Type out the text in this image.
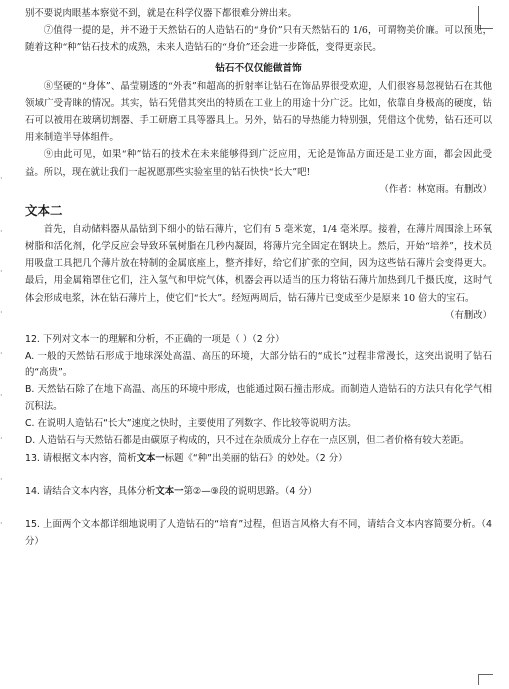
·
·
·
·
·
·
·
·
·

别不要说肉眼基本察觉不到，就是在科学仪器下都很难分辨出来。

⑦值得一提的是，并不逊于天然钻石的人造钻石的“身价”只有天然钻石的 1/6，可谓物美价廉。可以预见，随着这种“种”钻石技术的成熟，未来人造钻石的“身价”还会进一步降低，变得更亲民。

钻石不仅仅能做首饰

⑧坚硬的“身体”、晶莹剔透的“外表”和超高的折射率让钻石在饰品界很受欢迎，人们很容易忽视钻石在其他领域广受青睐的情况。其实，钻石凭借其突出的特质在工业上的用途十分广泛。比如，依靠自身极高的硬度，钻石可以被用在玻璃切割器、手工研磨工具等器具上。另外，钻石的导热能力特别强，凭借这个优势，钻石还可以用来制造半导体组件。

⑨由此可见，如果“种”钻石的技术在未来能够得到广泛应用，无论是饰品方面还是工业方面，都会因此受益。所以，现在就让我们一起祝愿那些实验室里的钻石快快“长大”吧!

（作者：林宽雨。有删改）

文本二

首先，自动储料器从晶钻到下细小的钻石薄片，它们有 5 毫米宽，1/4 毫米厚。接着，在薄片周围涂上环氧树脂和活化剂，化学反应会导致环氧树脂在几秒内凝固，将薄片完全固定在钢块上。然后，开始“培养”，技术员用吸盘工具把几个薄片放在特制的金属底座上，整齐排好，给它们扩张的空间，因为这些钻石薄片会变得更大。最后，用金属箱罩住它们，注入氢气和甲烷气体，机器会再以适当的压力将钻石薄片加热到几千摄氏度，这时气体会形成电浆，沐在钻石薄片上，使它们“长大”。经短两周后，钻石薄片已变成至少是原来 10 倍大的宝石。

（有删改）

12. 下列对文本一的理解和分析，不正确的一项是（ ）（2 分）

A. 一般的天然钻石形成于地球深处高温、高压的环境，大部分钻石的“成长”过程非常漫长，这突出说明了钻石的“高贵”。

B. 天然钻石除了在地下高温、高压的环境中形成，也能通过陨石撞击形成。而制造人造钻石的方法只有化学气相沉积法。

C. 在说明人造钻石“长大”速度之快时，主要使用了列数字、作比较等说明方法。

D. 人造钻石与天然钻石都是由碳原子构成的，只不过在杂质成分上存在一点区别，但二者价格有较大差距。

13. 请根据文本内容，简析文本一标题《“种”出美丽的钻石》的妙处。（2 分）

14. 请结合文本内容，具体分析文本一第②—⑨段的说明思路。（4 分）

15. 上面两个文本都详细地说明了人造钻石的“培育”过程，但语言风格大有不同，请结合文本内容简要分析。（4 分）
